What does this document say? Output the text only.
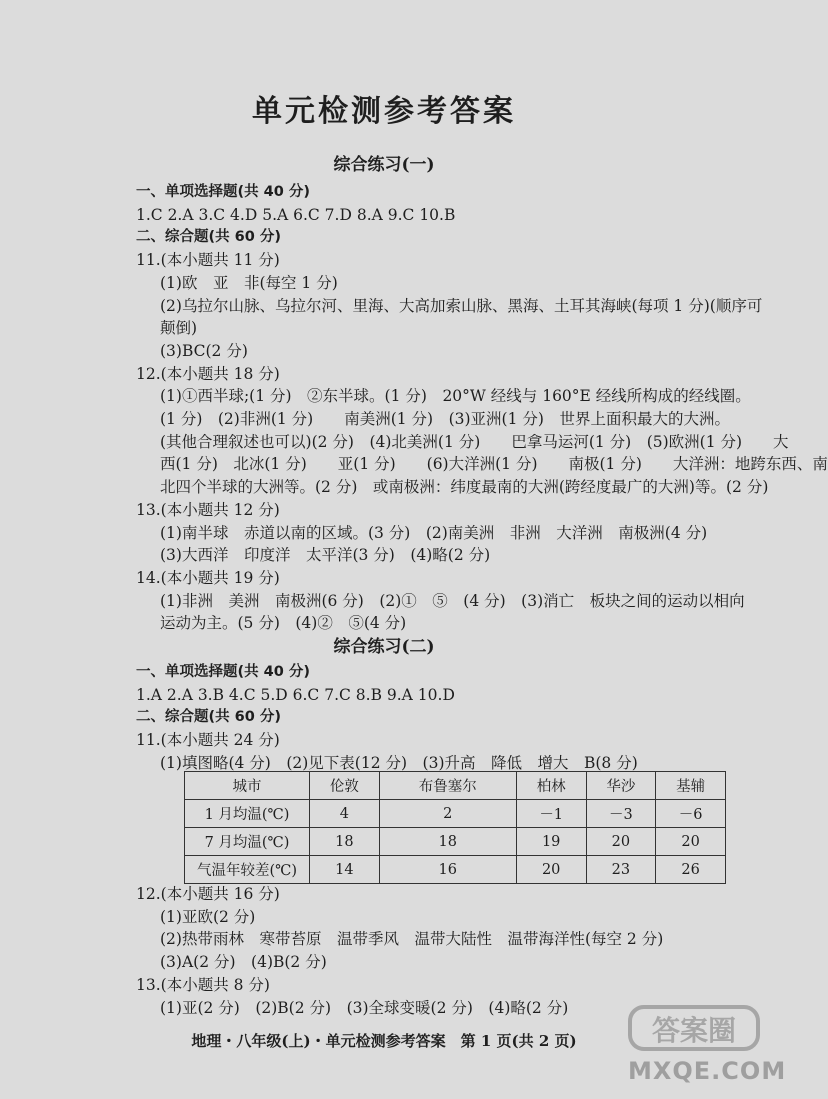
单元检测参考答案
综合练习(一)
一、单项选择题(共 40 分)
1.C 2.A 3.C 4.D 5.A 6.C 7.D 8.A 9.C 10.B
二、综合题(共 60 分)
11.(本小题共 11 分)
(1)欧　亚　非(每空 1 分)
(2)乌拉尔山脉、乌拉尔河、里海、大高加索山脉、黑海、土耳其海峡(每项 1 分)(顺序可
颠倒)
(3)BC(2 分)
12.(本小题共 18 分)
(1)①西半球;(1 分)　②东半球。(1 分)　20°W 经线与 160°E 经线所构成的经线圈。
(1 分)　(2)非洲(1 分)　　南美洲(1 分)　(3)亚洲(1 分)　世界上面积最大的大洲。
(其他合理叙述也可以)(2 分)　(4)北美洲(1 分)　　巴拿马运河(1 分)　(5)欧洲(1 分)　　大
西(1 分)　北冰(1 分)　　亚(1 分)　　(6)大洋洲(1 分)　　南极(1 分)　　大洋洲：地跨东西、南
北四个半球的大洲等。(2 分)　或南极洲：纬度最南的大洲(跨经度最广的大洲)等。(2 分)
13.(本小题共 12 分)
(1)南半球　赤道以南的区域。(3 分)　(2)南美洲　非洲　大洋洲　南极洲(4 分)
(3)大西洋　印度洋　太平洋(3 分)　(4)略(2 分)
14.(本小题共 19 分)
(1)非洲　美洲　南极洲(6 分)　(2)①　⑤　(4 分)　(3)消亡　板块之间的运动以相向
运动为主。(5 分)　(4)②　⑤(4 分)
综合练习(二)
一、单项选择题(共 40 分)
1.A 2.A 3.B 4.C 5.D 6.C 7.C 8.B 9.A 10.D
二、综合题(共 60 分)
11.(本小题共 24 分)
(1)填图略(4 分)　(2)见下表(12 分)　(3)升高　降低　增大　B(8 分)
城市	伦敦	布鲁塞尔	柏林	华沙	基辅
1 月均温(℃)	4	2	－1	－3	－6
7 月均温(℃)	18	18	19	20	20
气温年较差(℃)	14	16	20	23	26
12.(本小题共 16 分)
(1)亚欧(2 分)
(2)热带雨林　寒带苔原　温带季风　温带大陆性　温带海洋性(每空 2 分)
(3)A(2 分)　(4)B(2 分)
13.(本小题共 8 分)
(1)亚(2 分)　(2)B(2 分)　(3)全球变暖(2 分)　(4)略(2 分)
地理・八年级(上)・单元检测参考答案　第 1 页(共 2 页)	答案圈
MXQE.COM
